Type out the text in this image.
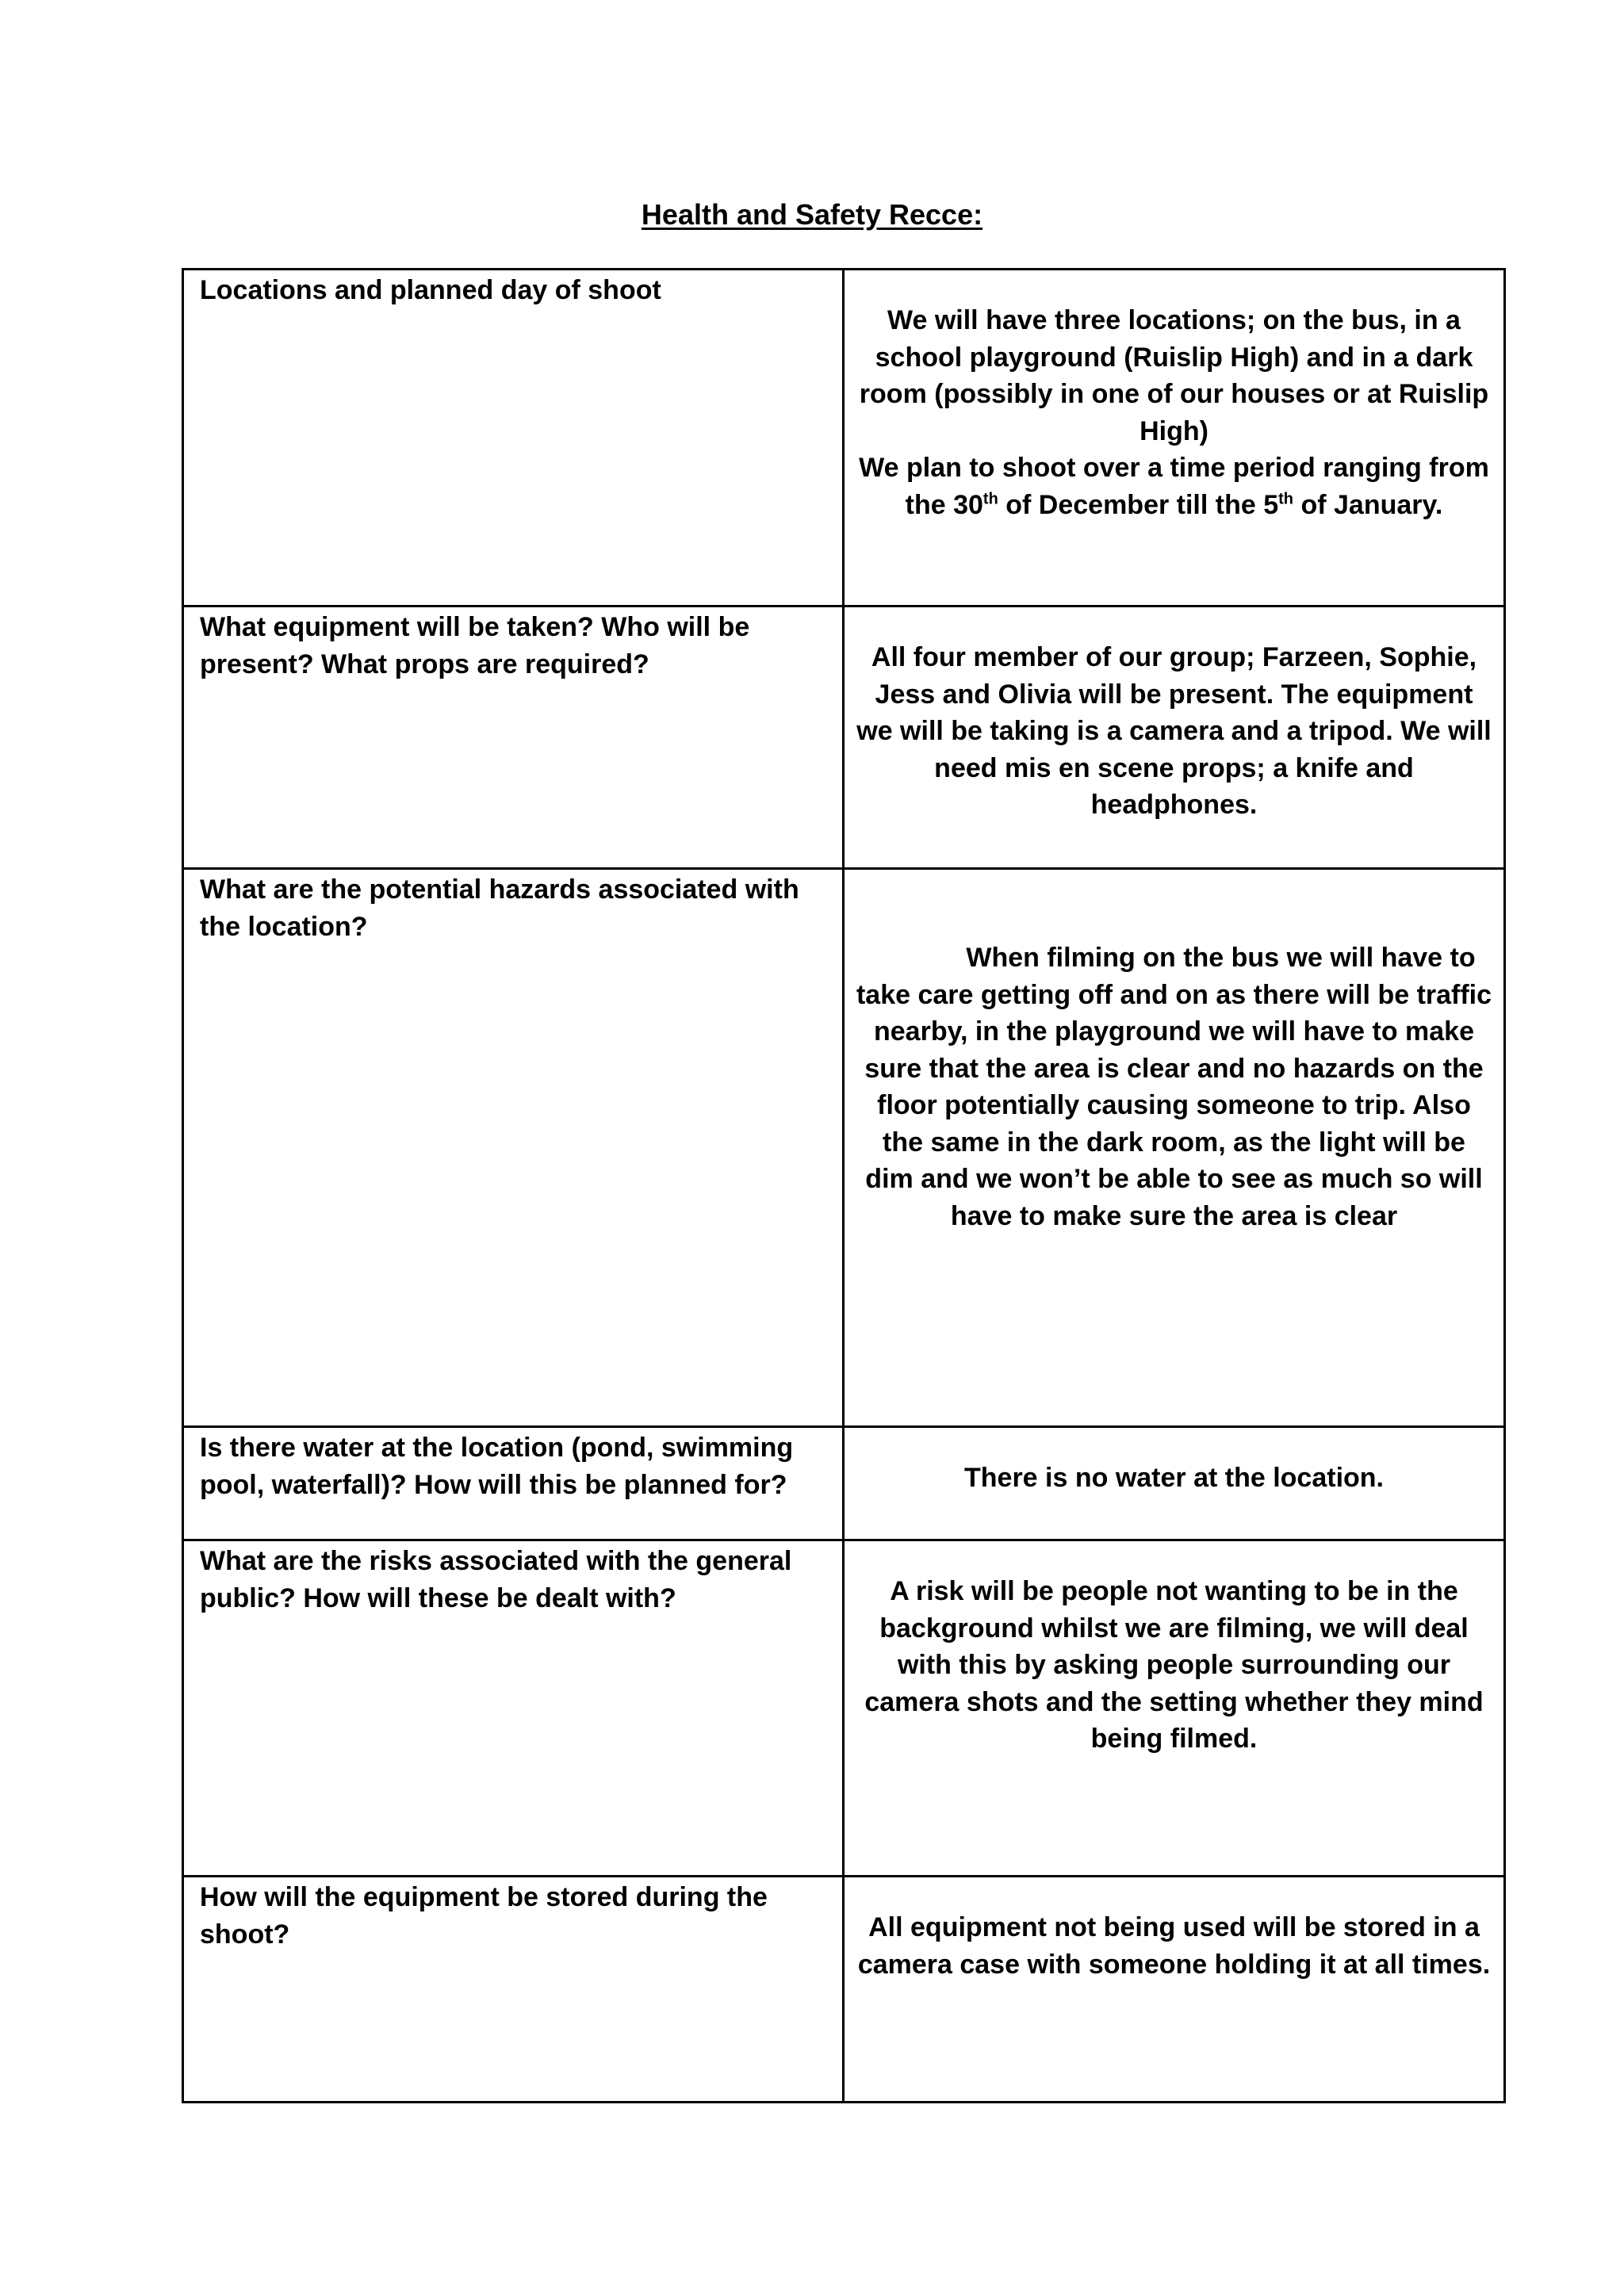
Health and Safety Recce:
Locations and planned day of shoot	We will have three locations; on the bus, in a school playground (Ruislip High) and in a dark room (possibly in one of our houses or at Ruislip High)
We plan to shoot over a time period ranging from the 30th of December till the 5th of January.

What equipment will be taken? Who will be present? What props are required?	All four member of our group; Farzeen, Sophie, Jess and Olivia will be present. The equipment we will be taking is a camera and a tripod. We will need mis en scene props; a knife and headphones.

What are the potential hazards associated with the location?	When filming on the bus we will have to take care getting off and on as there will be traffic nearby, in the playground we will have to make sure that the area is clear and no hazards on the floor potentially causing someone to trip. Also the same in the dark room, as the light will be dim and we won’t be able to see as much so will have to make sure the area is clear

Is there water at the location (pond, swimming pool, waterfall)? How will this be planned for?	There is no water at the location.

What are the risks associated with the general public? How will these be dealt with?	A risk will be people not wanting to be in the background whilst we are filming, we will deal with this by asking people surrounding our camera shots and the setting whether they mind being filmed.

How will the equipment be stored during the shoot?	All equipment not being used will be stored in a camera case with someone holding it at all times.
